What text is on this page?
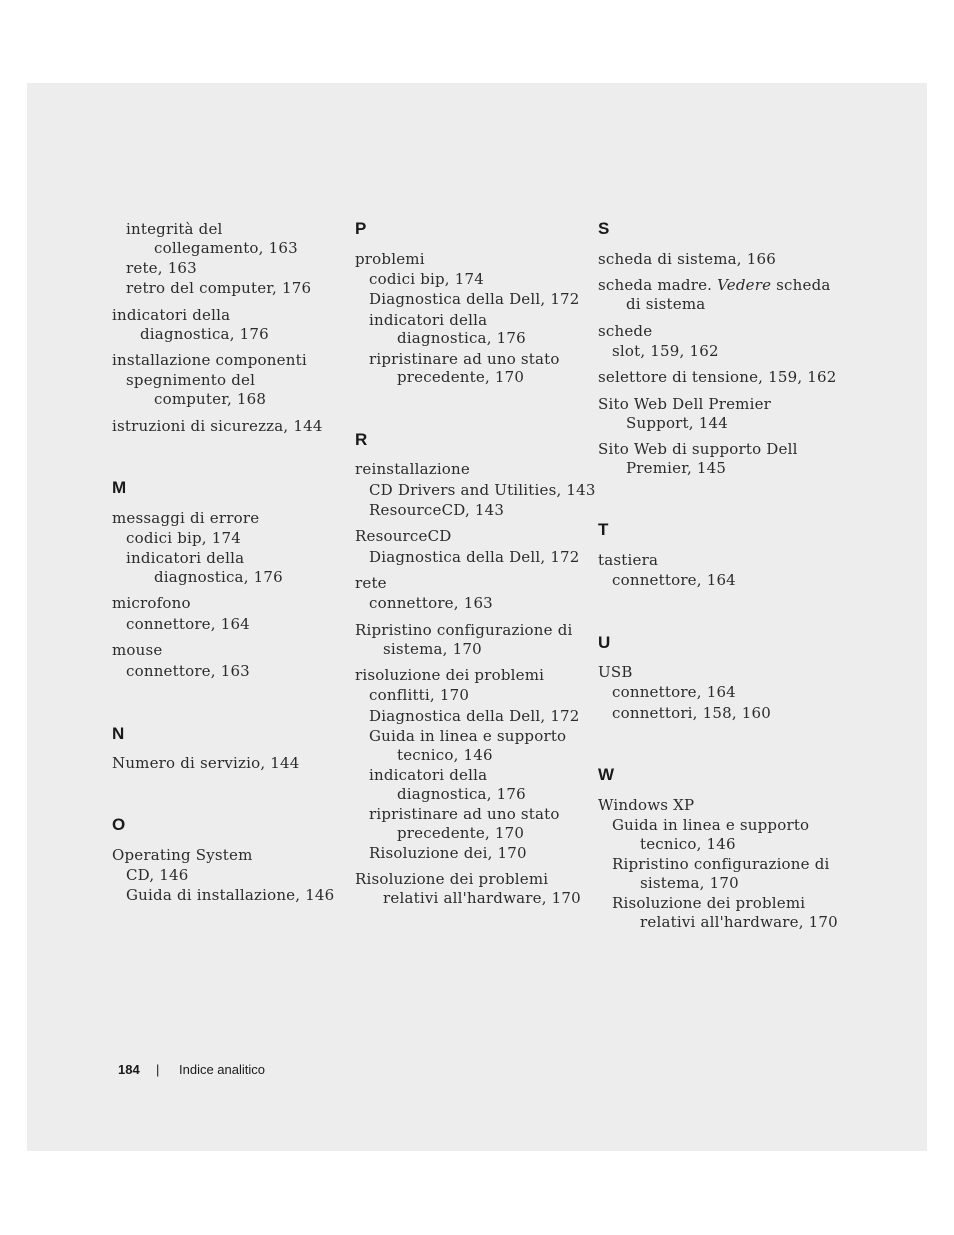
integrità del
collegamento, 163
rete, 163
retro del computer, 176
indicatori della
diagnostica, 176
installazione componenti
spegnimento del
computer, 168
istruzioni di sicurezza, 144
M
messaggi di errore
codici bip, 174
indicatori della
diagnostica, 176
microfono
connettore, 164
mouse
connettore, 163
N
Numero di servizio, 144
O
Operating System
CD, 146
Guida di installazione, 146
P
problemi
codici bip, 174
Diagnostica della Dell, 172
indicatori della
diagnostica, 176
ripristinare ad uno stato
precedente, 170
R
reinstallazione
CD Drivers and Utilities, 143
ResourceCD, 143
ResourceCD
Diagnostica della Dell, 172
rete
connettore, 163
Ripristino configurazione di
sistema, 170
risoluzione dei problemi
conflitti, 170
Diagnostica della Dell, 172
Guida in linea e supporto
tecnico, 146
indicatori della
diagnostica, 176
ripristinare ad uno stato
precedente, 170
Risoluzione dei, 170
Risoluzione dei problemi
relativi all'hardware, 170
S
scheda di sistema, 166
scheda madre. Vedere scheda
di sistema
schede
slot, 159, 162
selettore di tensione, 159, 162
Sito Web Dell Premier
Support, 144
Sito Web di supporto Dell
Premier, 145
T
tastiera
connettore, 164
U
USB
connettore, 164
connettori, 158, 160
W
Windows XP
Guida in linea e supporto
tecnico, 146
Ripristino configurazione di
sistema, 170
Risoluzione dei problemi
relativi all'hardware, 170
184 | Indice analitico
